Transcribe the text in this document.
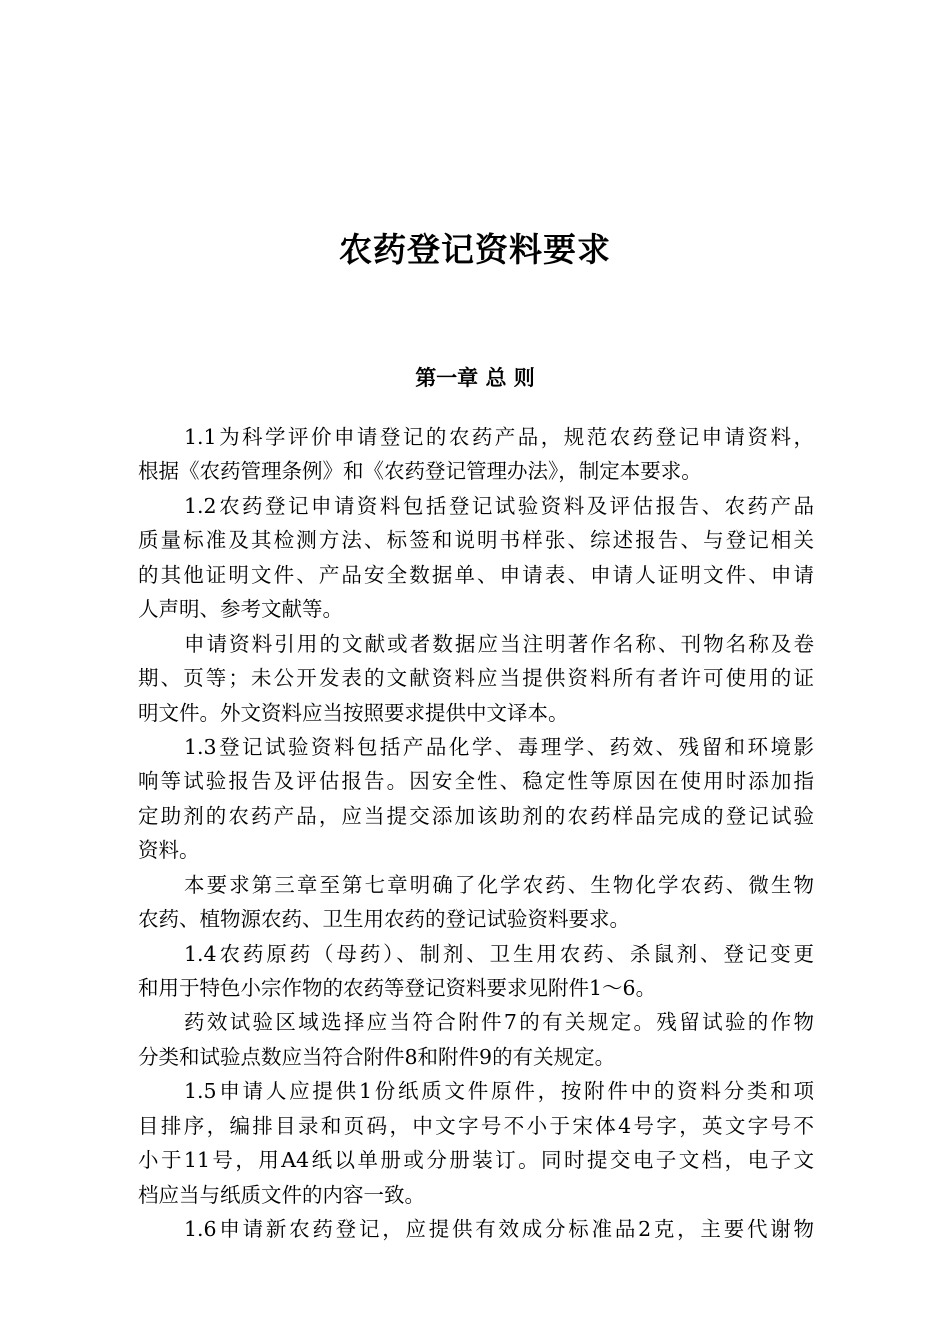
农药登记资料要求
第一章 总 则
1.1为科学评价申请登记的农药产品，规范农药登记申请资料，
根据《农药管理条例》和《农药登记管理办法》，制定本要求。
1.2农药登记申请资料包括登记试验资料及评估报告、农药产品
质量标准及其检测方法、标签和说明书样张、综述报告、与登记相关
的其他证明文件、产品安全数据单、申请表、申请人证明文件、申请
人声明、参考文献等。
申请资料引用的文献或者数据应当注明著作名称、刊物名称及卷
期、页等；未公开发表的文献资料应当提供资料所有者许可使用的证
明文件。外文资料应当按照要求提供中文译本。
1.3登记试验资料包括产品化学、毒理学、药效、残留和环境影
响等试验报告及评估报告。因安全性、稳定性等原因在使用时添加指
定助剂的农药产品，应当提交添加该助剂的农药样品完成的登记试验
资料。
本要求第三章至第七章明确了化学农药、生物化学农药、微生物
农药、植物源农药、卫生用农药的登记试验资料要求。
1.4农药原药（母药）、制剂、卫生用农药、杀鼠剂、登记变更
和用于特色小宗作物的农药等登记资料要求见附件1～6。
药效试验区域选择应当符合附件7的有关规定。残留试验的作物
分类和试验点数应当符合附件8和附件9的有关规定。
1.5申请人应提供1份纸质文件原件，按附件中的资料分类和项
目排序，编排目录和页码，中文字号不小于宋体4号字，英文字号不
小于11号，用A4纸以单册或分册装订。同时提交电子文档，电子文
档应当与纸质文件的内容一致。
1.6申请新农药登记，应提供有效成分标准品2克，主要代谢物
